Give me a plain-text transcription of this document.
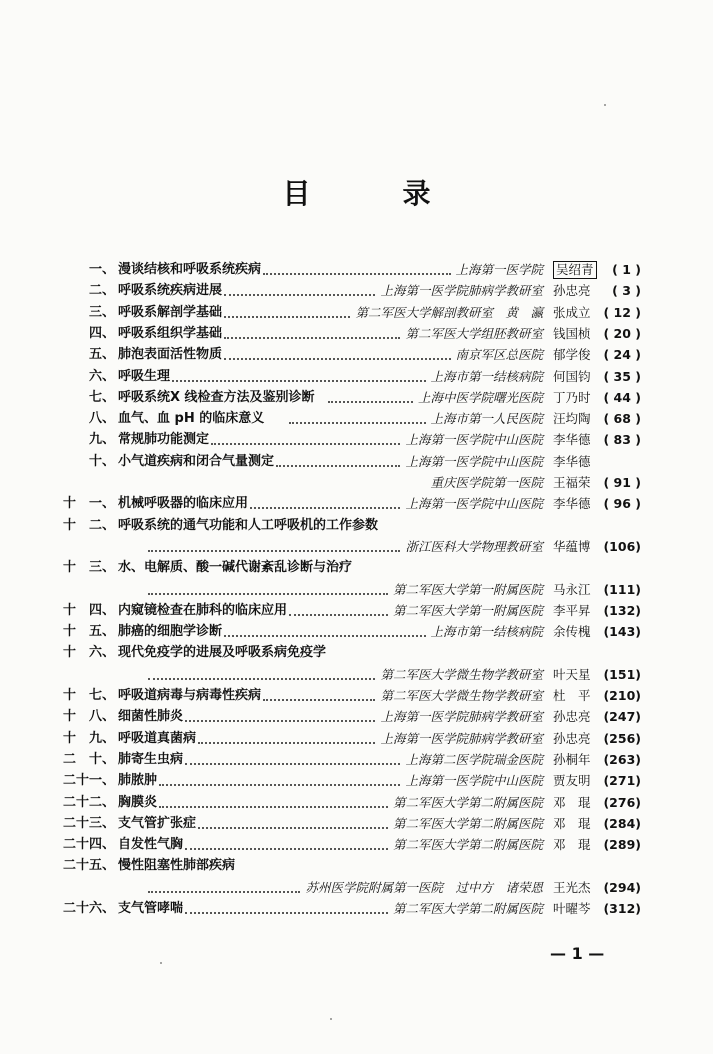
目	录
一、 漫谈结核和呼吸系统疾病	上海第一医学院 吴绍青 ( 1 )
二、 呼吸系统疾病进展	上海第一医学院肺病学教研室 孙忠亮 ( 3 )
三、 呼吸系解剖学基础	第二军医大学解剖教研室　黄　瀛 张成立 ( 12 )
四、 呼吸系组织学基础	第二军医大学组胚教研室 钱国桢 ( 20 )
五、 肺泡表面活性物质	南京军区总医院 郁学俊 ( 24 )
六、 呼吸生理	上海市第一结核病院 何国钧 ( 35 )
七、 呼吸系统X 线检查方法及鉴别诊断	上海中医学院曙光医院 丁乃时 ( 44 )
八、 血气、血 pH 的临床意义	上海市第一人民医院 汪均陶 ( 68 )
九、 常规肺功能测定	上海第一医学院中山医院 李华德 ( 83 )
十、 小气道疾病和闭合气量测定	上海第一医学院中山医院 李华德
重庆医学院第一医院 王福荣 ( 91 )
十　一、 机械呼吸器的临床应用	上海第一医学院中山医院 李华德 ( 96 )
十　二、 呼吸系统的通气功能和人工呼吸机的工作参数
浙江医科大学物理教研室 华蕴博 (106)
十　三、 水、电解质、酸一碱代谢紊乱诊断与治疗
第二军医大学第一附属医院 马永江 (111)
十　四、 内窥镜检查在肺科的临床应用	第二军医大学第一附属医院 李平昇 (132)
十　五、 肺癌的细胞学诊断	上海市第一结核病院 余传槐 (143)
十　六、 现代免疫学的进展及呼吸系病免疫学
第二军医大学微生物学教研室 叶天星 (151)
十　七、 呼吸道病毒与病毒性疾病	第二军医大学微生物学教研室 杜　平 (210)
十　八、 细菌性肺炎	上海第一医学院肺病学教研室 孙忠亮 (247)
十　九、 呼吸道真菌病	上海第一医学院肺病学教研室 孙忠亮 (256)
二　十、 肺寄生虫病	上海第二医学院瑞金医院 孙桐年 (263)
二十一、 肺脓肿	上海第一医学院中山医院 贾友明 (271)
二十二、 胸膜炎	第二军医大学第二附属医院 邓　琨 (276)
二十三、 支气管扩张症	第二军医大学第二附属医院 邓　琨 (284)
二十四、 自发性气胸	第二军医大学第二附属医院 邓　琨 (289)
二十五、 慢性阻塞性肺部疾病
苏州医学院附属第一医院　过中方　诸荣恩 王光杰 (294)
二十六、 支气管哮喘	第二军医大学第二附属医院 叶曜芩 (312)
— 1 —
